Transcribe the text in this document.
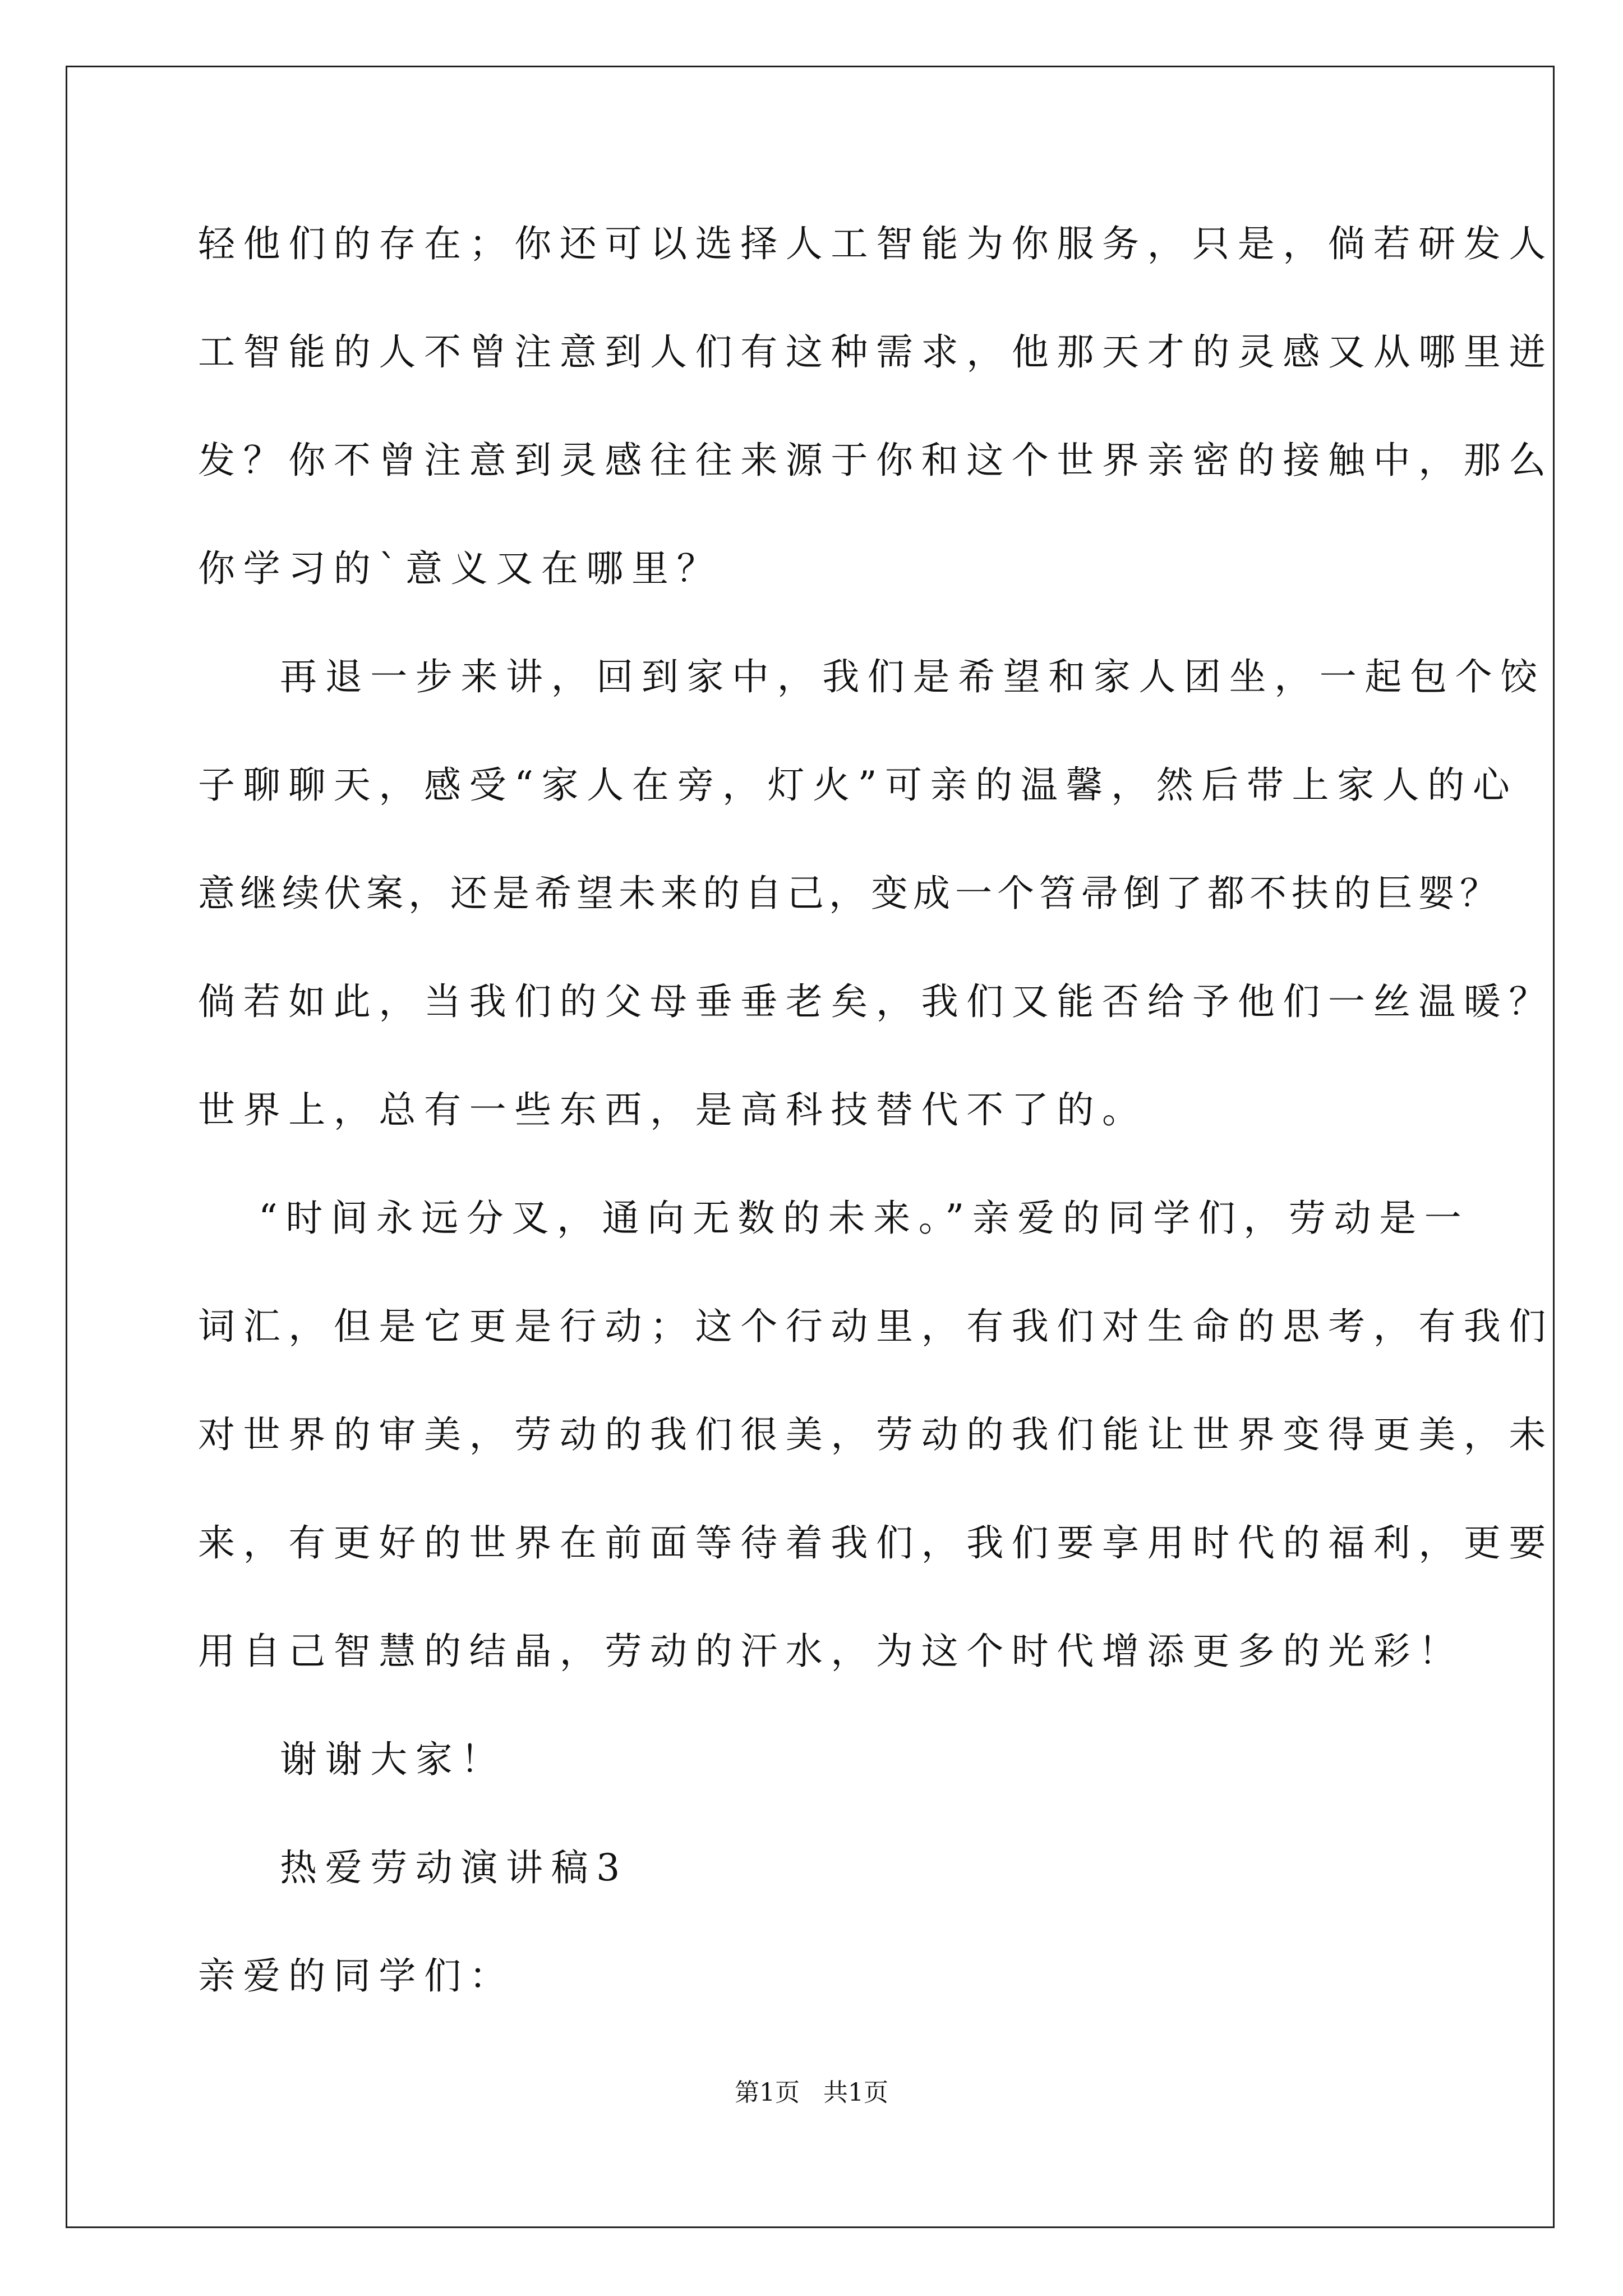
轻他们的存在；你还可以选择人工智能为你服务，只是，倘若研发人
工智能的人不曾注意到人们有这种需求，他那天才的灵感又从哪里迸
发？你不曾注意到灵感往往来源于你和这个世界亲密的接触中，那么
你学习的`意义又在哪里？
再退一步来讲，回到家中，我们是希望和家人团坐，一起包个饺
子聊聊天，感受“家人在旁，灯火”可亲的温馨，然后带上家人的心
意继续伏案，还是希望未来的自己，变成一个笤帚倒了都不扶的巨婴？
倘若如此，当我们的父母垂垂老矣，我们又能否给予他们一丝温暖？
世界上，总有一些东西，是高科技替代不了的。
“时间永远分叉，通向无数的未来。”亲爱的同学们，劳动是一
词汇，但是它更是行动；这个行动里，有我们对生命的思考，有我们
对世界的审美，劳动的我们很美，劳动的我们能让世界变得更美，未
来，有更好的世界在前面等待着我们，我们要享用时代的福利，更要
用自己智慧的结晶，劳动的汗水，为这个时代增添更多的光彩！
谢谢大家！
热爱劳动演讲稿3
亲爱的同学们：
第1页   共1页
